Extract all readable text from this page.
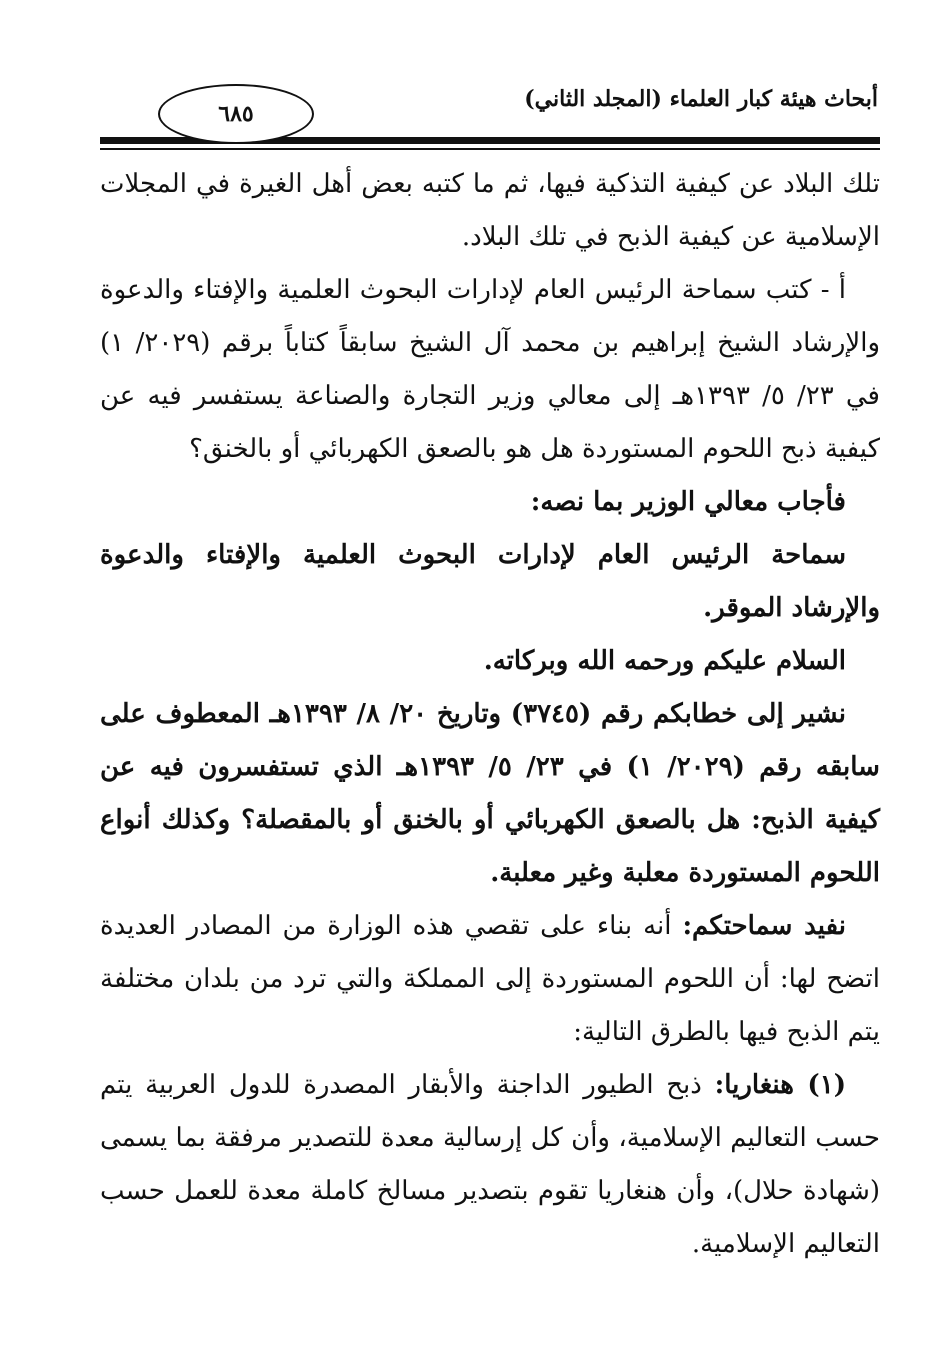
٦٨٥
أبحاث هيئة كبار العلماء (المجلد الثاني)

تلك البلاد عن كيفية التذكية فيها، ثم ما كتبه بعض أهل الغيرة في المجلات الإسلامية عن كيفية الذبح في تلك البلاد.

أ - كتب سماحة الرئيس العام لإدارات البحوث العلمية والإفتاء والدعوة والإرشاد الشيخ إبراهيم بن محمد آل الشيخ سابقاً كتاباً برقم (٢٠٢٩/ ١) في ٢٣/ ٥/ ١٣٩٣هـ إلى معالي وزير التجارة والصناعة يستفسر فيه عن كيفية ذبح اللحوم المستوردة هل هو بالصعق الكهربائي أو بالخنق؟

فأجاب معالي الوزير بما نصه:

سماحة الرئيس العام لإدارات البحوث العلمية والإفتاء والدعوة والإرشاد الموقر.

السلام عليكم ورحمه الله وبركاته.

نشير إلى خطابكم رقم (٣٧٤٥) وتاريخ ٢٠/ ٨/ ١٣٩٣هـ المعطوف على سابقه رقم (٢٠٢٩/ ١) في ٢٣/ ٥/ ١٣٩٣هـ الذي تستفسرون فيه عن كيفية الذبح: هل بالصعق الكهربائي أو بالخنق أو بالمقصلة؟ وكذلك أنواع اللحوم المستوردة معلبة وغير معلبة.

نفيد سماحتكم: أنه بناء على تقصي هذه الوزارة من المصادر العديدة اتضح لها: أن اللحوم المستوردة إلى المملكة والتي ترد من بلدان مختلفة يتم الذبح فيها بالطرق التالية:

(١) هنغاريا: ذبح الطيور الداجنة والأبقار المصدرة للدول العربية يتم حسب التعاليم الإسلامية، وأن كل إرسالية معدة للتصدير مرفقة بما يسمى (شهادة حلال)، وأن هنغاريا تقوم بتصدير مسالخ كاملة معدة للعمل حسب التعاليم الإسلامية.
